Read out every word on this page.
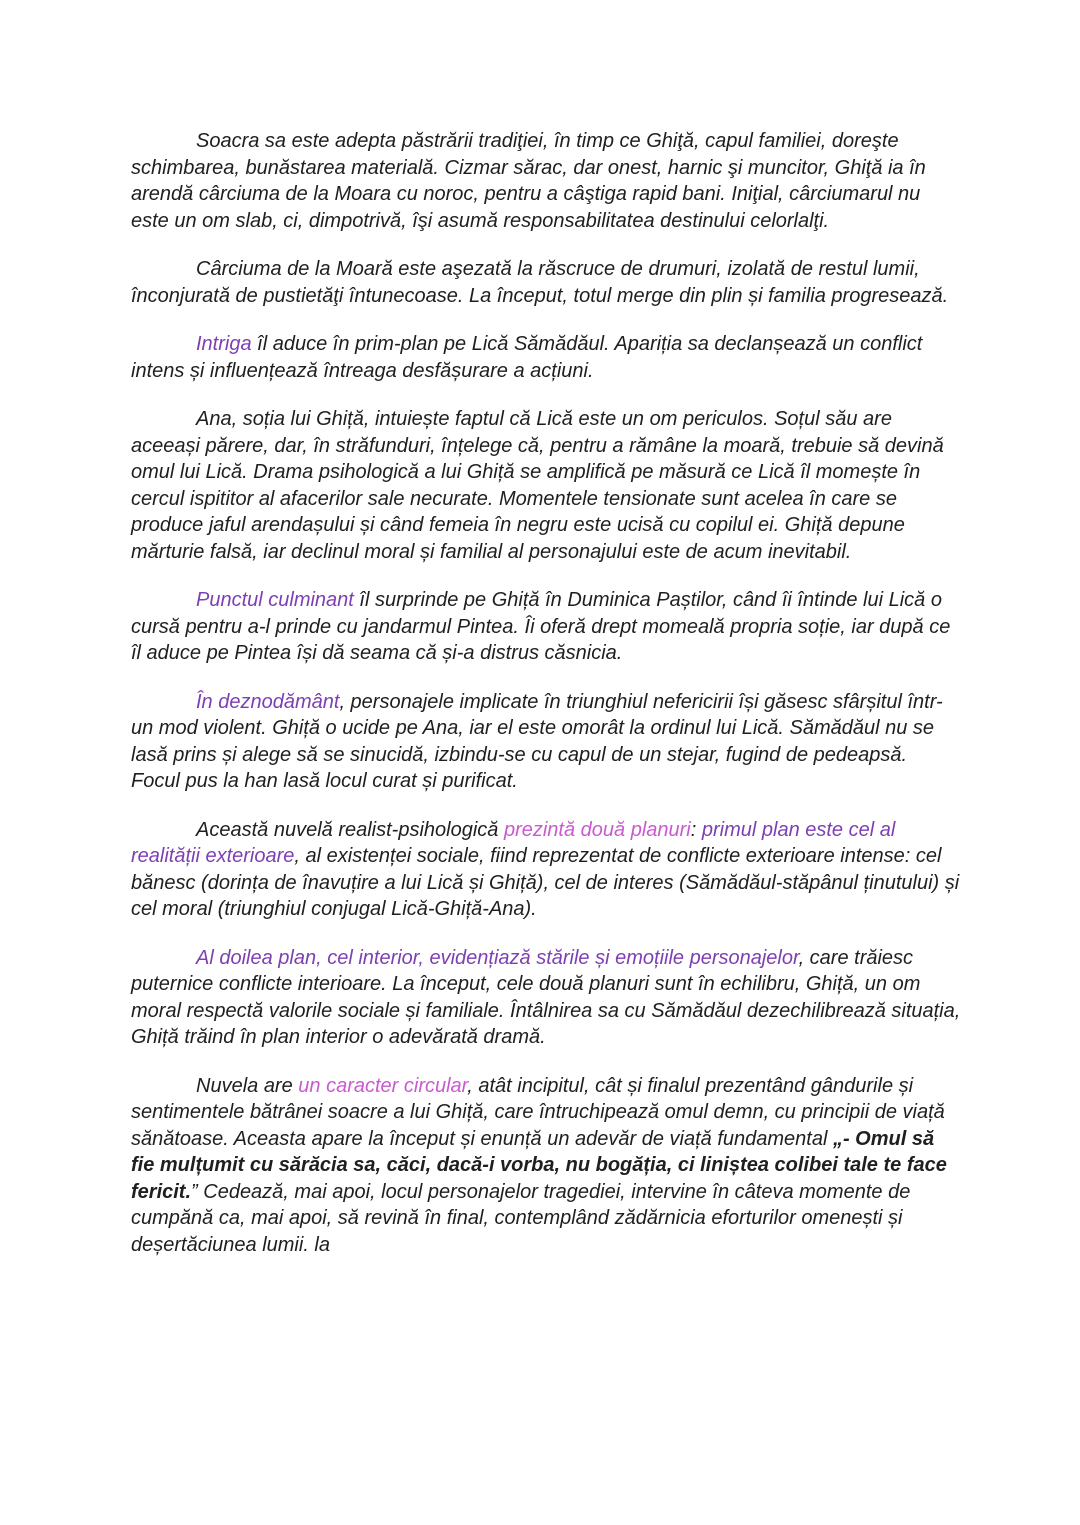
Soacra sa este adepta păstrării tradiţiei, în timp ce Ghiţă, capul familiei, doreşte schimbarea, bunăstarea materială. Cizmar sărac, dar onest, harnic şi muncitor, Ghiţă ia în arendă cârciuma de la Moara cu noroc, pentru a câştiga rapid bani. Iniţial, cârciumarul nu este un om slab, ci, dimpotrivă, îşi asumă responsabilitatea destinului celorlalţi.

Cârciuma de la Moară este aşezată la răscruce de drumuri, izolată de restul lumii, înconjurată de pustietăţi întunecoase. La început, totul merge din plin și familia progresează.

Intriga îl aduce în prim-plan pe Lică Sămădăul. Apariția sa declanșează un conflict intens și influențează întreaga desfășurare a acțiuni.

Ana, soția lui Ghiță, intuiește faptul că Lică este un om periculos. Soțul său are aceeași părere, dar, în străfunduri, înțelege că, pentru a rămâne la moară, trebuie să devină omul lui Lică. Drama psihologică a lui Ghiță se amplifică pe măsură ce Lică îl momește în cercul ispititor al afacerilor sale necurate. Momentele tensionate sunt acelea în care se produce jaful arendașului și când femeia în negru este ucisă cu copilul ei. Ghiță depune mărturie falsă, iar declinul moral și familial al personajului este de acum inevitabil.

Punctul culminant îl surprinde pe Ghiță în Duminica Paștilor, când îi întinde lui Lică o cursă pentru a-l prinde cu jandarmul Pintea. Îi oferă drept momeală propria soție, iar după ce îl aduce pe Pintea își dă seama că și-a distrus căsnicia.

În deznodământ, personajele implicate în triunghiul nefericirii își găsesc sfârșitul într-un mod violent. Ghiță o ucide pe Ana, iar el este omorât la ordinul lui Lică. Sămădăul nu se lasă prins și alege să se sinucidă, izbindu-se cu capul de un stejar, fugind de pedeapsă. Focul pus la han lasă locul curat și purificat.

Această nuvelă realist-psihologică prezintă două planuri: primul plan este cel al realității exterioare, al existenței sociale, fiind reprezentat de conflicte exterioare intense: cel bănesc (dorința de înavuțire a lui Lică și Ghiță), cel de interes (Sămădăul-stăpânul ținutului) și cel moral (triunghiul conjugal Lică-Ghiță-Ana).

Al doilea plan, cel interior, evidențiază stările și emoțiile personajelor, care trăiesc puternice conflicte interioare. La început, cele două planuri sunt în echilibru, Ghiță, un om moral respectă valorile sociale și familiale. Întâlnirea sa cu Sămădăul dezechilibrează situația, Ghiță trăind în plan interior o adevărată dramă.

Nuvela are un caracter circular, atât incipitul, cât și finalul prezentând gândurile și sentimentele bătrânei soacre a lui Ghiță, care întruchipează omul demn, cu principii de viață sănătoase. Aceasta apare la început și enunță un adevăr de viață fundamental „- Omul să fie mulțumit cu sărăcia sa, căci, dacă-i vorba, nu bogăția, ci liniștea colibei tale te face fericit.” Cedează, mai apoi, locul personajelor tragediei, intervine în câteva momente de cumpănă ca, mai apoi, să revină în final, contemplând zădărnicia eforturilor omenești și deșertăciunea lumii. la
